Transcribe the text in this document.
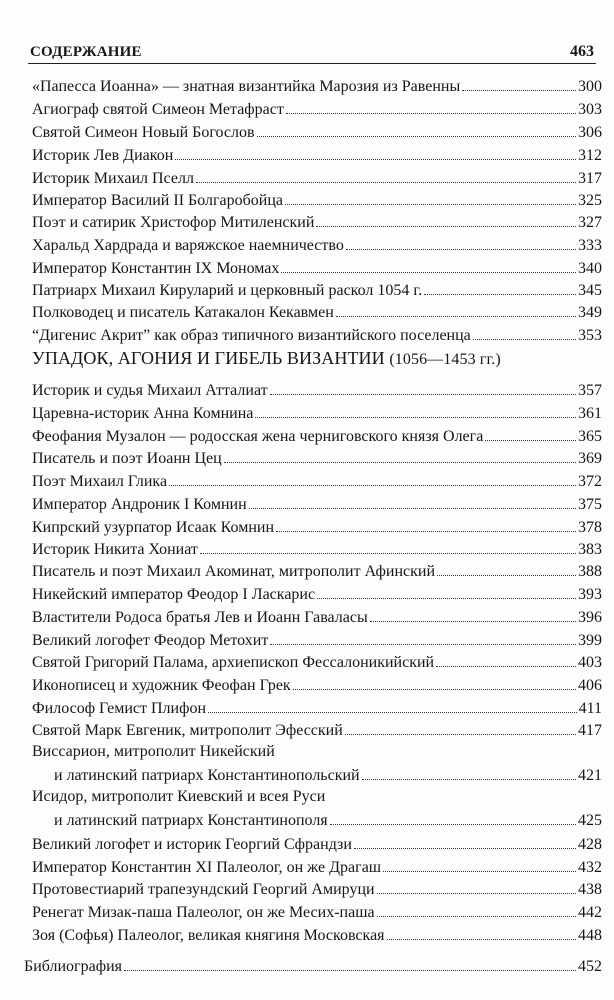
СОДЕРЖАНИЕ	463
«Папесса Иоанна» — знатная византийка Марозия из Равенны	300
Агиограф святой Симеон Метафраст	303
Святой Симеон Новый Богослов	306
Историк Лев Диакон	312
Историк Михаил Пселл	317
Император Василий II Болгаробойца	325
Поэт и сатирик Христофор Митиленский	327
Харальд Хардрада и варяжское наемничество	333
Император Константин IX Мономах	340
Патриарх Михаил Кируларий и церковный раскол 1054 г.	345
Полководец и писатель Катакалон Кекавмен	349
“Дигенис Акрит” как образ типичного византийского поселенца	353
УПАДОК, АГОНИЯ И ГИБЕЛЬ ВИЗАНТИИ (1056—1453 гг.)
Историк и судья Михаил Атталиат	357
Царевна-историк Анна Комнина	361
Феофания Музалон — родосская жена черниговского князя Олега	365
Писатель и поэт Иоанн Цец	369
Поэт Михаил Глика	372
Император Андроник I Комнин	375
Кипрский узурпатор Исаак Комнин	378
Историк Никита Хониат	383
Писатель и поэт Михаил Акоминат, митрополит Афинский	388
Никейский император Феодор I Ласкарис	393
Властители Родоса братья Лев и Иоанн Гаваласы	396
Великий логофет Феодор Метохит	399
Святой Григорий Палама, архиепископ Фессалоникийский	403
Иконописец и художник Феофан Грек	406
Философ Гемист Плифон	411
Святой Марк Евгеник, митрополит Эфесский	417
Виссарион, митрополит Никейский
и латинский патриарх Константинопольский	421
Исидор, митрополит Киевский и всея Руси
и латинский патриарх Константинополя	425
Великий логофет и историк Георгий Сфрандзи	428
Император Константин XI Палеолог, он же Драгаш	432
Протовестиарий трапезундский Георгий Амируци	438
Ренегат Мизак-паша Палеолог, он же Месих-паша	442
Зоя (Софья) Палеолог, великая княгиня Московская	448
Библиография	452
